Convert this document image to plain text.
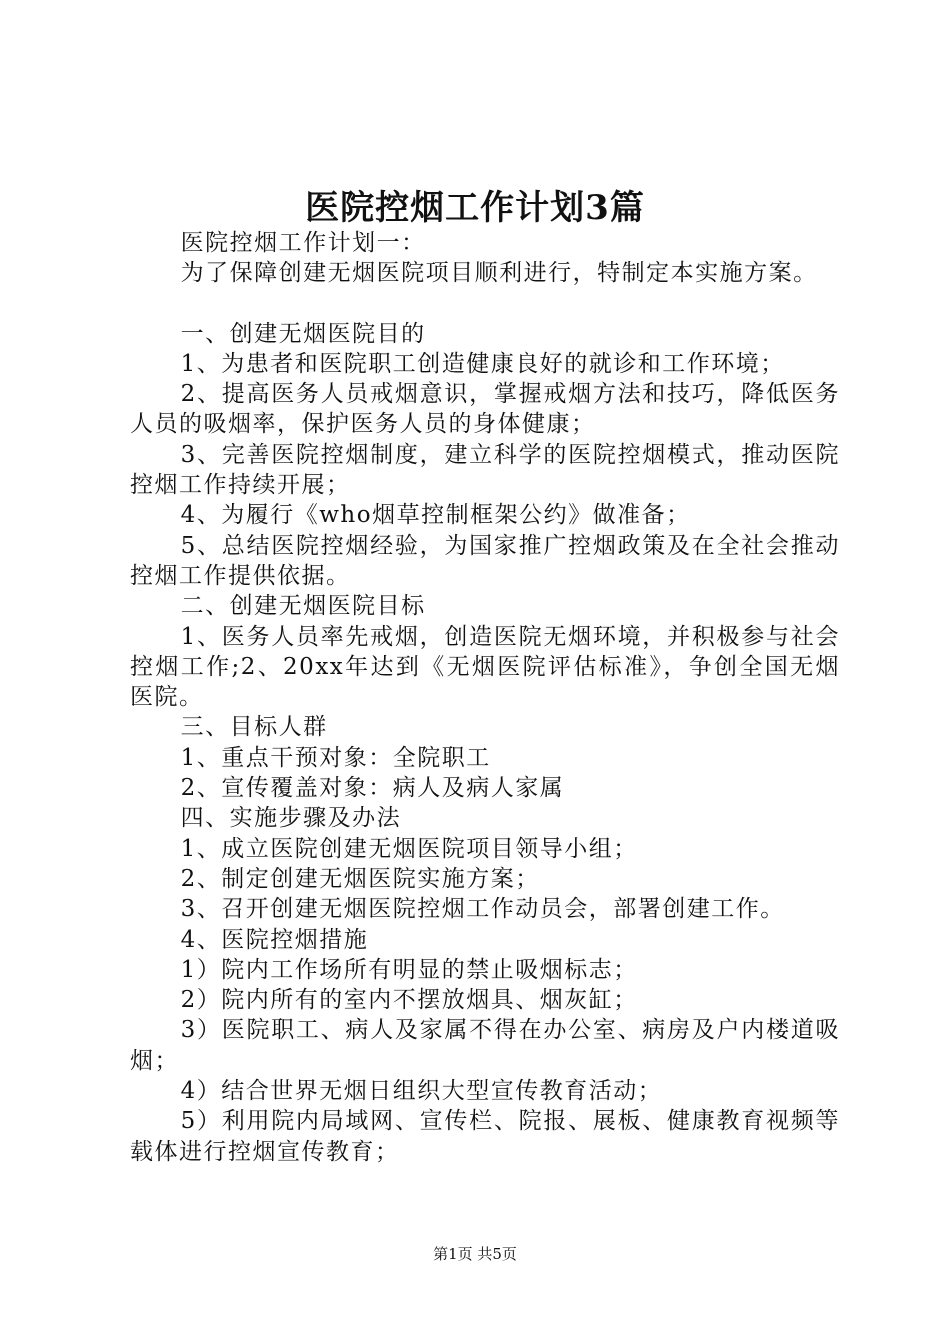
医院控烟工作计划3篇

医院控烟工作计划一：

为了保障创建无烟医院项目顺利进行，特制定本实施方案。

一、创建无烟医院目的

1、为患者和医院职工创造健康良好的就诊和工作环境；

2、提高医务人员戒烟意识，掌握戒烟方法和技巧，降低医务人员的吸烟率，保护医务人员的身体健康；

3、完善医院控烟制度，建立科学的医院控烟模式，推动医院控烟工作持续开展；

4、为履行《who烟草控制框架公约》做准备；

5、总结医院控烟经验，为国家推广控烟政策及在全社会推动控烟工作提供依据。

二、创建无烟医院目标

1、医务人员率先戒烟，创造医院无烟环境，并积极参与社会控烟工作;2、20xx年达到《无烟医院评估标准》，争创全国无烟医院。

三、目标人群

1、重点干预对象：全院职工

2、宣传覆盖对象：病人及病人家属

四、实施步骤及办法

1、成立医院创建无烟医院项目领导小组；

2、制定创建无烟医院实施方案；

3、召开创建无烟医院控烟工作动员会，部署创建工作。

4、医院控烟措施

1）院内工作场所有明显的禁止吸烟标志；

2）院内所有的室内不摆放烟具、烟灰缸；

3）医院职工、病人及家属不得在办公室、病房及户内楼道吸烟；

4）结合世界无烟日组织大型宣传教育活动；

5）利用院内局域网、宣传栏、院报、展板、健康教育视频等载体进行控烟宣传教育；

第1页 共5页
